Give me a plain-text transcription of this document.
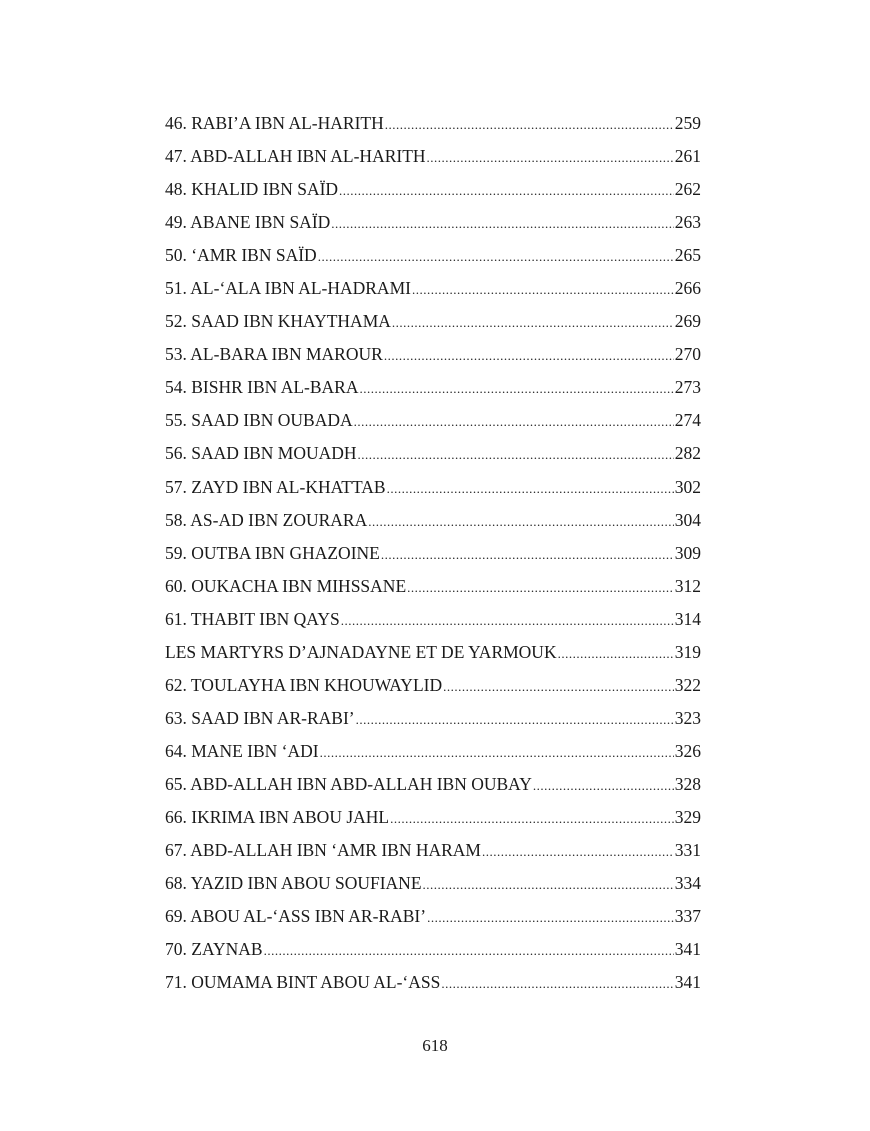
46. RABI’A IBN AL-HARITH .....	259
47. ABD-ALLAH IBN AL-HARITH .....	261
48. KHALID IBN SAÏD .....	262
49. ABANE IBN SAÏD .....	263
50. ‘AMR IBN SAÏD .....	265
51. AL-‘ALA IBN AL-HADRAMI .....	266
52. SAAD IBN KHAYTHAMA .....	269
53. AL-BARA IBN MAROUR .....	270
54. BISHR IBN AL-BARA .....	273
55. SAAD IBN OUBADA .....	274
56. SAAD IBN MOUADH .....	282
57. ZAYD IBN AL-KHATTAB .....	302
58. AS-AD IBN ZOURARA .....	304
59. OUTBA IBN GHAZOINE .....	309
60. OUKACHA IBN MIHSSANE .....	312
61. THABIT IBN QAYS .....	314
LES MARTYRS D’AJNADAYNE ET DE YARMOUK .....	319
62. TOULAYHA IBN KHOUWAYLID .....	322
63. SAAD IBN AR-RABI’ .....	323
64. MANE IBN ‘ADI .....	326
65. ABD-ALLAH IBN ABD-ALLAH IBN OUBAY .....	328
66. IKRIMA IBN ABOU JAHL .....	329
67. ABD-ALLAH IBN ‘AMR IBN HARAM .....	331
68. YAZID IBN ABOU SOUFIANE .....	334
69. ABOU AL-‘ASS IBN AR-RABI’ .....	337
70. ZAYNAB .....	341
71. OUMAMA BINT ABOU AL-‘ASS .....	341
618
